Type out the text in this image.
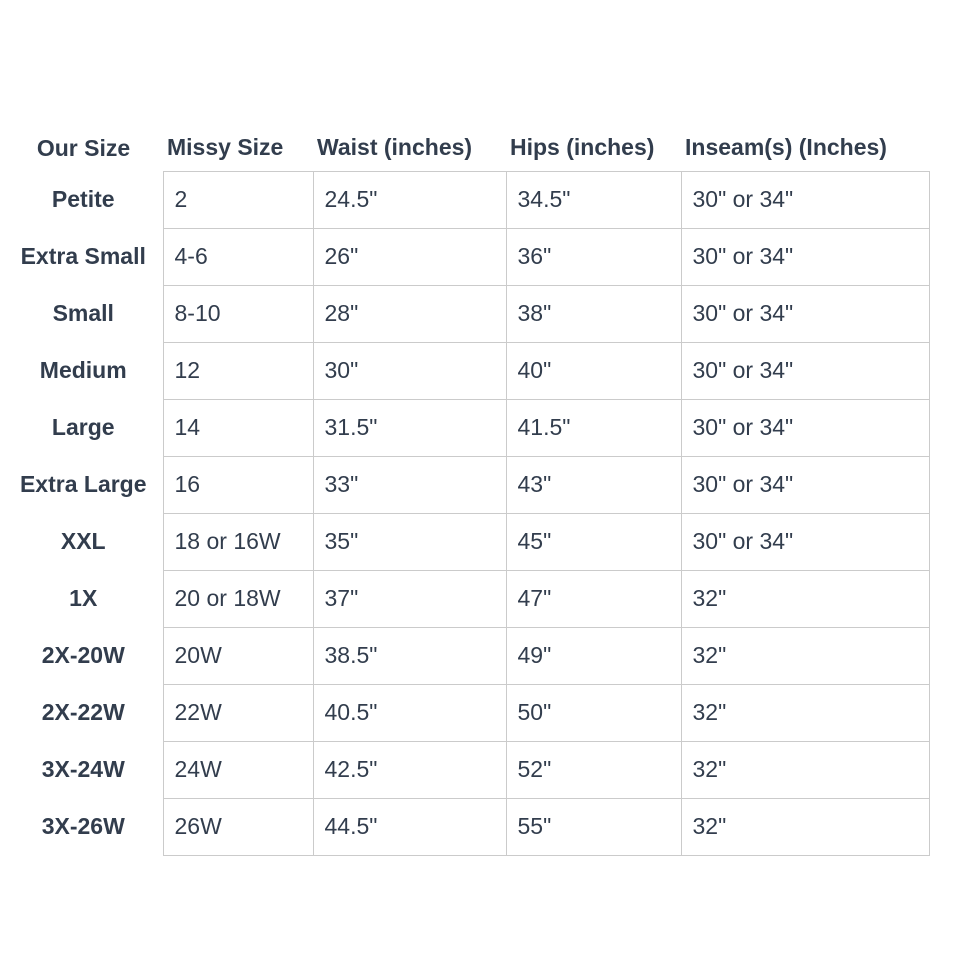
Our Size	Missy Size	Waist (inches)	Hips (inches)	Inseam(s) (Inches)
Petite	2	24.5"	34.5"	30" or 34"
Extra Small	4-6	26"	36"	30" or 34"
Small	8-10	28"	38"	30" or 34"
Medium	12	30"	40"	30" or 34"
Large	14	31.5"	41.5"	30" or 34"
Extra Large	16	33"	43"	30" or 34"
XXL	18 or 16W	35"	45"	30" or 34"
1X	20 or 18W	37"	47"	32"
2X-20W	20W	38.5"	49"	32"
2X-22W	22W	40.5"	50"	32"
3X-24W	24W	42.5"	52"	32"
3X-26W	26W	44.5"	55"	32"
